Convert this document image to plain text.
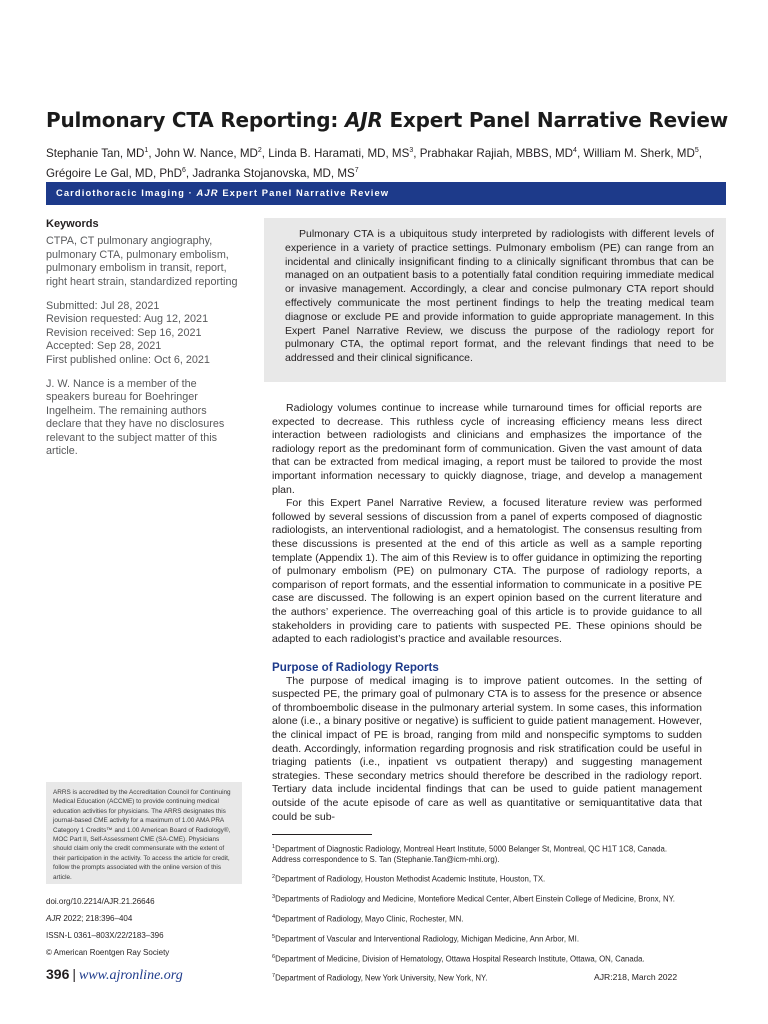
Pulmonary CTA Reporting: AJR Expert Panel Narrative Review
Stephanie Tan, $MD^1$, John W. Nance, $MD^2$, Linda B. Haramati, MD, $MS^3$, Prabhakar Rajiah, MBBS, $MD^4$, William M. Sherk, $MD^5$,
Grégoire Le Gal, MD, PhD$^6$, Jadranka Stojanovska, MD, $MS^7$
Cardiothoracic Imaging · AJR Expert Panel Narrative Review
Keywords

CTPA, CT pulmonary angiography, pulmonary CTA, pulmonary embolism, pulmonary embolism in transit, report, right heart strain, standardized reporting

Submitted: Jul 28, 2021
Revision requested: Aug 12, 2021
Revision received: Sep 16, 2021
Accepted: Sep 28, 2021
First published online: Oct 6, 2021

J. W. Nance is a member of the speakers bureau for Boehringer Ingelheim. The remaining authors declare that they have no disclosures relevant to the subject matter of this article.

ARRS is accredited by the Accreditation Council for Continuing Medical Education (ACCME) to provide continuing medical education activities for physicians. The ARRS designates this journal-based CME activity for a maximum of 1.00 AMA PRA Category 1 Credits™ and 1.00 American Board of Radiology®, MOC Part II, Self-Assessment CME (SA-CME). Physicians should claim only the credit commensurate with the extent of their participation in the activity. To access the article for credit, follow the prompts associated with the online version of this article.

doi.org/10.2214/AJR.21.26646
AJR 2022; 218:396–404
ISSN-L 0361–803X/22/2183–396
© American Roentgen Ray Society

Pulmonary CTA is a ubiquitous study interpreted by radiologists with different levels of experience in a variety of practice settings. Pulmonary embolism (PE) can range from an incidental and clinically insignificant finding to a clinically significant thrombus that can be managed on an outpatient basis to a potentially fatal condition requiring immediate medical or invasive management. Accordingly, a clear and concise pulmonary CTA report should effectively communicate the most pertinent findings to help the treating medical team diagnose or exclude PE and provide information to guide appropriate management. In this Expert Panel Narrative Review, we discuss the purpose of the radiology report for pulmonary CTA, the optimal report format, and the relevant findings that need to be addressed and their clinical significance.

Radiology volumes continue to increase while turnaround times for official reports are expected to decrease. This ruthless cycle of increasing efficiency means less direct interaction between radiologists and clinicians and emphasizes the importance of the radiology report as the predominant form of communication. Given the vast amount of data that can be extracted from medical imaging, a report must be tailored to provide the most important information necessary to quickly diagnose, triage, and develop a management plan.

For this Expert Panel Narrative Review, a focused literature review was performed followed by several sessions of discussion from a panel of experts composed of diagnostic radiologists, an interventional radiologist, and a hematologist. The consensus resulting from these discussions is presented at the end of this article as well as a sample reporting template (Appendix 1). The aim of this Review is to offer guidance in optimizing the reporting of pulmonary embolism (PE) on pulmonary CTA. The purpose of radiology reports, a comparison of report formats, and the essential information to communicate in a positive PE case are discussed. The following is an expert opinion based on the current literature and the authors’ experience. The overreaching goal of this article is to provide guidance to all stakeholders in providing care to patients with suspected PE. These opinions should be adapted to each radiologist’s practice and available resources.

Purpose of Radiology Reports

The purpose of medical imaging is to improve patient outcomes. In the setting of suspected PE, the primary goal of pulmonary CTA is to assess for the presence or absence of thromboembolic disease in the pulmonary arterial system. In some cases, this information alone (i.e., a binary positive or negative) is sufficient to guide patient management. However, the clinical impact of PE is broad, ranging from mild and nonspecific symptoms to sudden death. Accordingly, information regarding prognosis and risk stratification could be useful in triaging patients (i.e., inpatient vs outpatient therapy) and suggesting management strategies. These secondary metrics should therefore be described in the radiology report. Tertiary data include incidental findings that can be used to guide patient management outside of the acute episode of care as well as quantitative or semiquantitative data that could be sub-

$^1$Department of Diagnostic Radiology, Montreal Heart Institute, 5000 Belanger St, Montreal, QC H1T 1C8, Canada.
Address correspondence to S. Tan (Stephanie.Tan@icm-mhi.org).
$^2$Department of Radiology, Houston Methodist Academic Institute, Houston, TX.
$^3$Departments of Radiology and Medicine, Montefiore Medical Center, Albert Einstein College of Medicine, Bronx, NY.
$^4$Department of Radiology, Mayo Clinic, Rochester, MN.
$^5$Department of Vascular and Interventional Radiology, Michigan Medicine, Ann Arbor, MI.
$^6$Department of Medicine, Division of Hematology, Ottawa Hospital Research Institute, Ottawa, ON, Canada.
$^7$Department of Radiology, New York University, New York, NY.
396 | www.ajronline.org	AJR:218, March 2022
